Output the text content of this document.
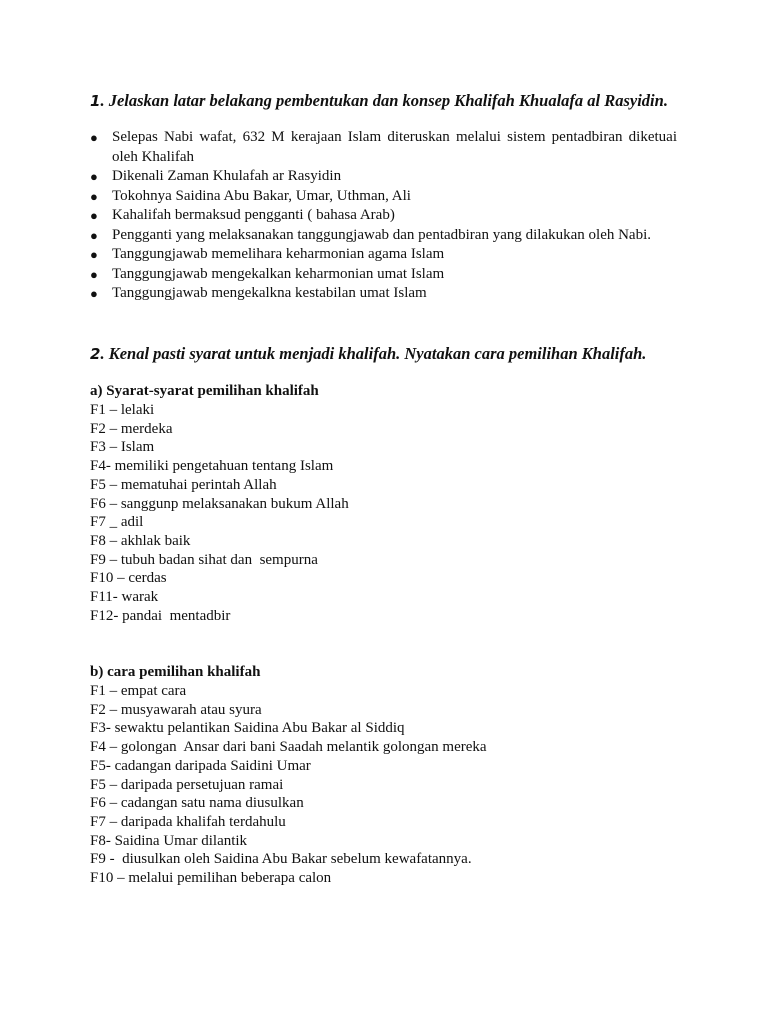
1. Jelaskan latar belakang pembentukan dan konsep Khalifah Khualafa al Rasyidin.
● Selepas Nabi wafat, 632 M kerajaan Islam diteruskan melalui sistem pentadbiran diketuai oleh Khalifah
● Dikenali Zaman Khulafah ar Rasyidin
● Tokohnya Saidina Abu Bakar, Umar, Uthman, Ali
● Kahalifah bermaksud pengganti ( bahasa Arab)
● Pengganti yang melaksanakan tanggungjawab dan pentadbiran yang dilakukan oleh Nabi.
● Tanggungjawab memelihara keharmonian agama Islam
● Tanggungjawab mengekalkan keharmonian umat Islam
● Tanggungjawab mengekalkna kestabilan umat Islam
2. Kenal pasti syarat untuk menjadi khalifah. Nyatakan cara pemilihan Khalifah.
a) Syarat-syarat pemilihan khalifah
F1 – lelaki
F2 – merdeka
F3 – Islam
F4- memiliki pengetahuan tentang Islam
F5 – mematuhai perintah Allah
F6 – sanggunp melaksanakan bukum Allah
F7 _ adil
F8 – akhlak baik
F9 – tubuh badan sihat dan  sempurna
F10 – cerdas
F11- warak
F12- pandai  mentadbir
b) cara pemilihan khalifah
F1 – empat cara
F2 – musyawarah atau syura
F3- sewaktu pelantikan Saidina Abu Bakar al Siddiq
F4 – golongan  Ansar dari bani Saadah melantik golongan mereka
F5- cadangan daripada Saidini Umar
F5 – daripada persetujuan ramai
F6 – cadangan satu nama diusulkan
F7 – daripada khalifah terdahulu
F8- Saidina Umar dilantik
F9 -  diusulkan oleh Saidina Abu Bakar sebelum kewafatannya.
F10 – melalui pemilihan beberapa calon
